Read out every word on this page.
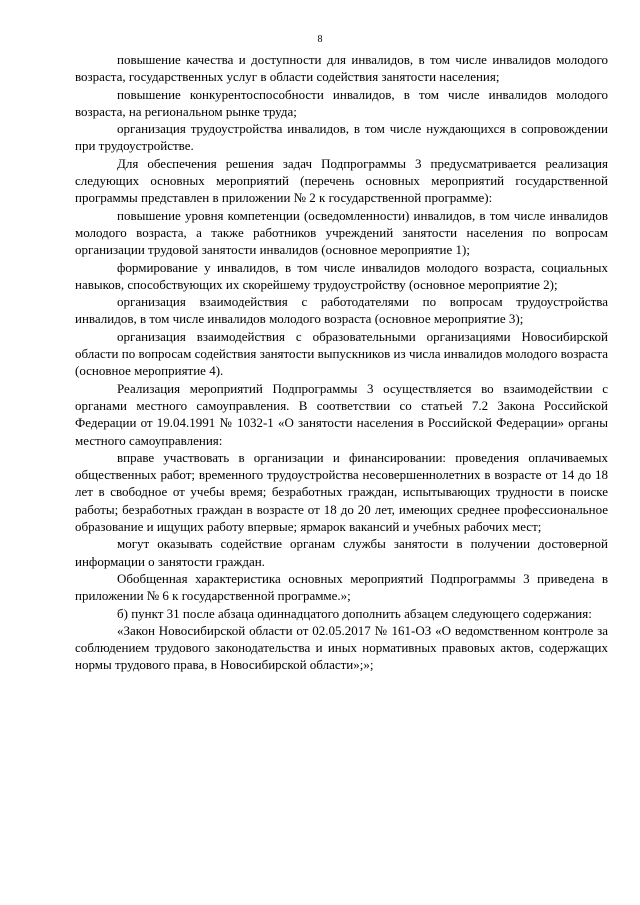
8

повышение качества и доступности для инвалидов, в том числе инвалидов молодого возраста, государственных услуг в области содействия занятости населения;

повышение конкурентоспособности инвалидов, в том числе инвалидов молодого возраста, на региональном рынке труда;

организация трудоустройства инвалидов, в том числе нуждающихся в сопровождении при трудоустройстве.

Для обеспечения решения задач Подпрограммы 3 предусматривается реализация следующих основных мероприятий (перечень основных мероприятий государственной программы представлен в приложении № 2 к государственной программе):

повышение уровня компетенции (осведомленности) инвалидов, в том числе инвалидов молодого возраста, а также работников учреждений занятости населения по вопросам организации трудовой занятости инвалидов (основное мероприятие 1);

формирование у инвалидов, в том числе инвалидов молодого возраста, социальных навыков, способствующих их скорейшему трудоустройству (основное мероприятие 2);

организация взаимодействия с работодателями по вопросам трудоустройства инвалидов, в том числе инвалидов молодого возраста (основное мероприятие 3);

организация взаимодействия с образовательными организациями Новосибирской области по вопросам содействия занятости выпускников из числа инвалидов молодого возраста (основное мероприятие 4).

Реализация мероприятий Подпрограммы 3 осуществляется во взаимодействии с органами местного самоуправления. В соответствии со статьей 7.2 Закона Российской Федерации от 19.04.1991 № 1032-1 «О занятости населения в Российской Федерации» органы местного самоуправления:

вправе участвовать в организации и финансировании: проведения оплачиваемых общественных работ; временного трудоустройства несовершеннолетних в возрасте от 14 до 18 лет в свободное от учебы время; безработных граждан, испытывающих трудности в поиске работы; безработных граждан в возрасте от 18 до 20 лет, имеющих среднее профессиональное образование и ищущих работу впервые; ярмарок вакансий и учебных рабочих мест;

могут оказывать содействие органам службы занятости в получении достоверной информации о занятости граждан.

Обобщенная характеристика основных мероприятий Подпрограммы 3 приведена в приложении № 6 к государственной программе.»;

б) пункт 31 после абзаца одиннадцатого дополнить абзацем следующего содержания:

«Закон Новосибирской области от 02.05.2017 № 161-ОЗ «О ведомственном контроле за соблюдением трудового законодательства и иных нормативных правовых актов, содержащих нормы трудового права, в Новосибирской области»;»;
